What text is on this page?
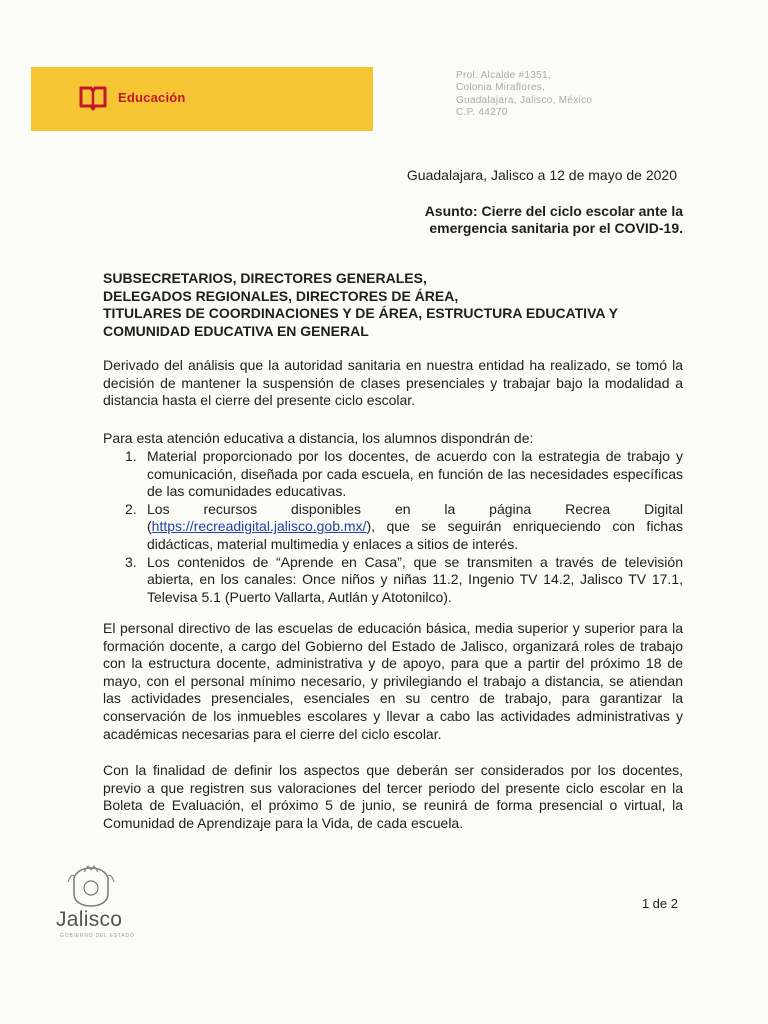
Educación
Prol. Alcalde #1351,
Colonia Miraflores,
Guadalajara, Jalisco, México
C.P. 44270
Guadalajara, Jalisco a 12 de mayo de 2020
Asunto: Cierre del ciclo escolar ante la
emergencia sanitaria por el COVID-19.
SUBSECRETARIOS, DIRECTORES GENERALES,
DELEGADOS REGIONALES, DIRECTORES DE ÁREA,
TITULARES DE COORDINACIONES Y DE ÁREA, ESTRUCTURA EDUCATIVA Y
COMUNIDAD EDUCATIVA EN GENERAL
Derivado del análisis que la autoridad sanitaria en nuestra entidad ha realizado, se tomó la decisión de mantener la suspensión de clases presenciales y trabajar bajo la modalidad a distancia hasta el cierre del presente ciclo escolar.
Para esta atención educativa a distancia, los alumnos dispondrán de:
1. Material proporcionado por los docentes, de acuerdo con la estrategia de trabajo y comunicación, diseñada por cada escuela, en función de las necesidades específicas de las comunidades educativas.
2. Los recursos disponibles en la página Recrea Digital (https://recreadigital.jalisco.gob.mx/), que se seguirán enriqueciendo con fichas didácticas, material multimedia y enlaces a sitios de interés.
3. Los contenidos de “Aprende en Casa”, que se transmiten a través de televisión abierta, en los canales: Once niños y niñas 11.2, Ingenio TV 14.2, Jalisco TV 17.1, Televisa 5.1 (Puerto Vallarta, Autlán y Atotonilco).
El personal directivo de las escuelas de educación básica, media superior y superior para la formación docente, a cargo del Gobierno del Estado de Jalisco, organizará roles de trabajo con la estructura docente, administrativa y de apoyo, para que a partir del próximo 18 de mayo, con el personal mínimo necesario, y privilegiando el trabajo a distancia, se atiendan las actividades presenciales, esenciales en su centro de trabajo, para garantizar la conservación de los inmuebles escolares y llevar a cabo las actividades administrativas y académicas necesarias para el cierre del ciclo escolar.
Con la finalidad de definir los aspectos que deberán ser considerados por los docentes, previo a que registren sus valoraciones del tercer periodo del presente ciclo escolar en la Boleta de Evaluación, el próximo 5 de junio, se reunirá de forma presencial o virtual, la Comunidad de Aprendizaje para la Vida, de cada escuela.
Jalisco
GOBIERNO DEL ESTADO
1 de 2
